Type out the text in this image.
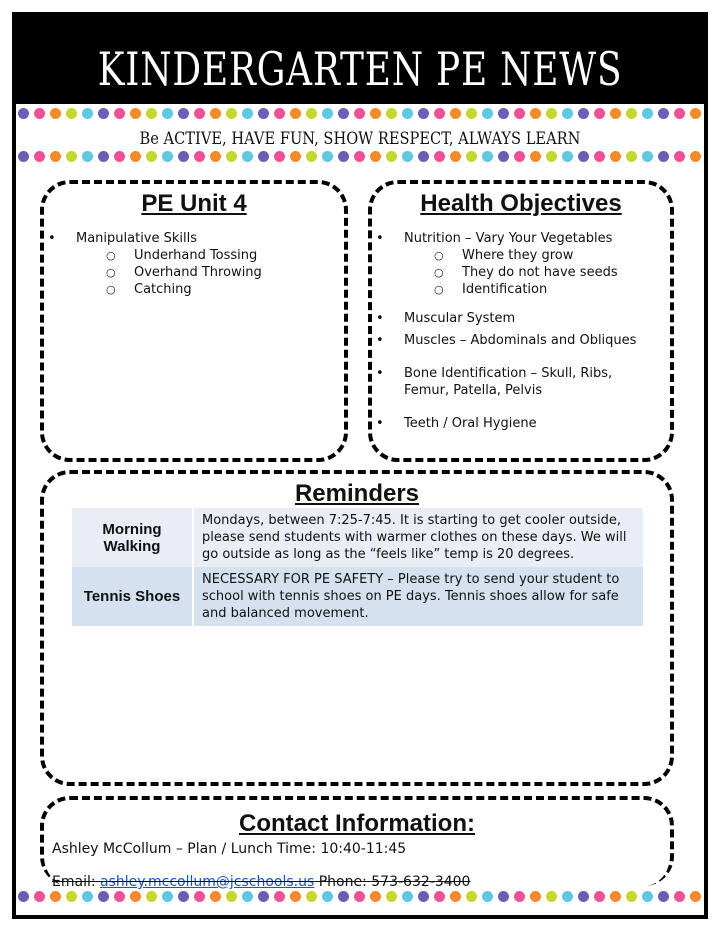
KINDERGARTEN PE NEWS
Be ACTIVE, HAVE FUN, SHOW RESPECT, ALWAYS LEARN
PE Unit 4
• Manipulative Skills
○ Underhand Tossing
○ Overhand Throwing
○ Catching
Health Objectives
• Nutrition – Vary Your Vegetables
○ Where they grow
○ They do not have seeds
○ Identification
• Muscular System
• Muscles – Abdominals and Obliques
• Bone Identification – Skull, Ribs, Femur, Patella, Pelvis
• Teeth / Oral Hygiene
Reminders
Morning Walking	Mondays, between 7:25-7:45. It is starting to get cooler outside, please send students with warmer clothes on these days. We will go outside as long as the “feels like” temp is 20 degrees.
Tennis Shoes	NECESSARY FOR PE SAFETY – Please try to send your student to school with tennis shoes on PE days. Tennis shoes allow for safe and balanced movement.
Contact Information:
Ashley McCollum – Plan / Lunch Time: 10:40-11:45
Email: ashley.mccollum@jcschools.us Phone: 573-632-3400
